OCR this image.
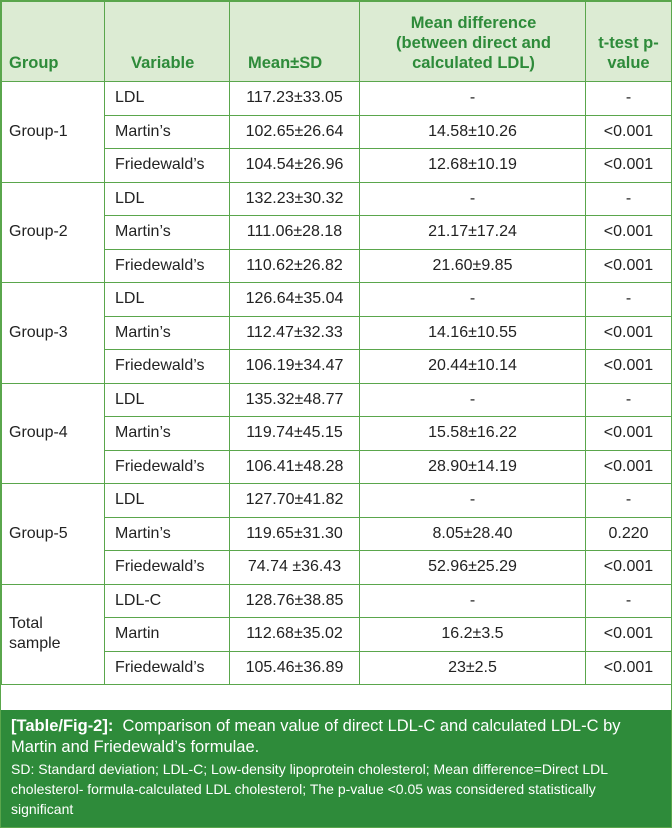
Group	Variable	Mean±SD	Mean difference (between direct and calculated LDL)	t-test p-value
Group-1	LDL	117.23±33.05	-	-
	Martin’s	102.65±26.64	14.58±10.26	<0.001
	Friedewald’s	104.54±26.96	12.68±10.19	<0.001
Group-2	LDL	132.23±30.32	-	-
	Martin’s	111.06±28.18	21.17±17.24	<0.001
	Friedewald’s	110.62±26.82	21.60±9.85	<0.001
Group-3	LDL	126.64±35.04	-	-
	Martin’s	112.47±32.33	14.16±10.55	<0.001
	Friedewald’s	106.19±34.47	20.44±10.14	<0.001
Group-4	LDL	135.32±48.77	-	-
	Martin’s	119.74±45.15	15.58±16.22	<0.001
	Friedewald’s	106.41±48.28	28.90±14.19	<0.001
Group-5	LDL	127.70±41.82	-	-
	Martin’s	119.65±31.30	8.05±28.40	0.220
	Friedewald’s	74.74 ±36.43	52.96±25.29	<0.001
Total sample	LDL-C	128.76±38.85	-	-
	Martin	112.68±35.02	16.2±3.5	<0.001
	Friedewald’s	105.46±36.89	23±2.5	<0.001
[Table/Fig-2]: Comparison of mean value of direct LDL-C and calculated LDL-C by Martin and Friedewald’s formulae.
SD: Standard deviation; LDL-C; Low-density lipoprotein cholesterol; Mean difference=Direct LDL cholesterol- formula-calculated LDL cholesterol; The p-value <0.05 was considered statistically significant
